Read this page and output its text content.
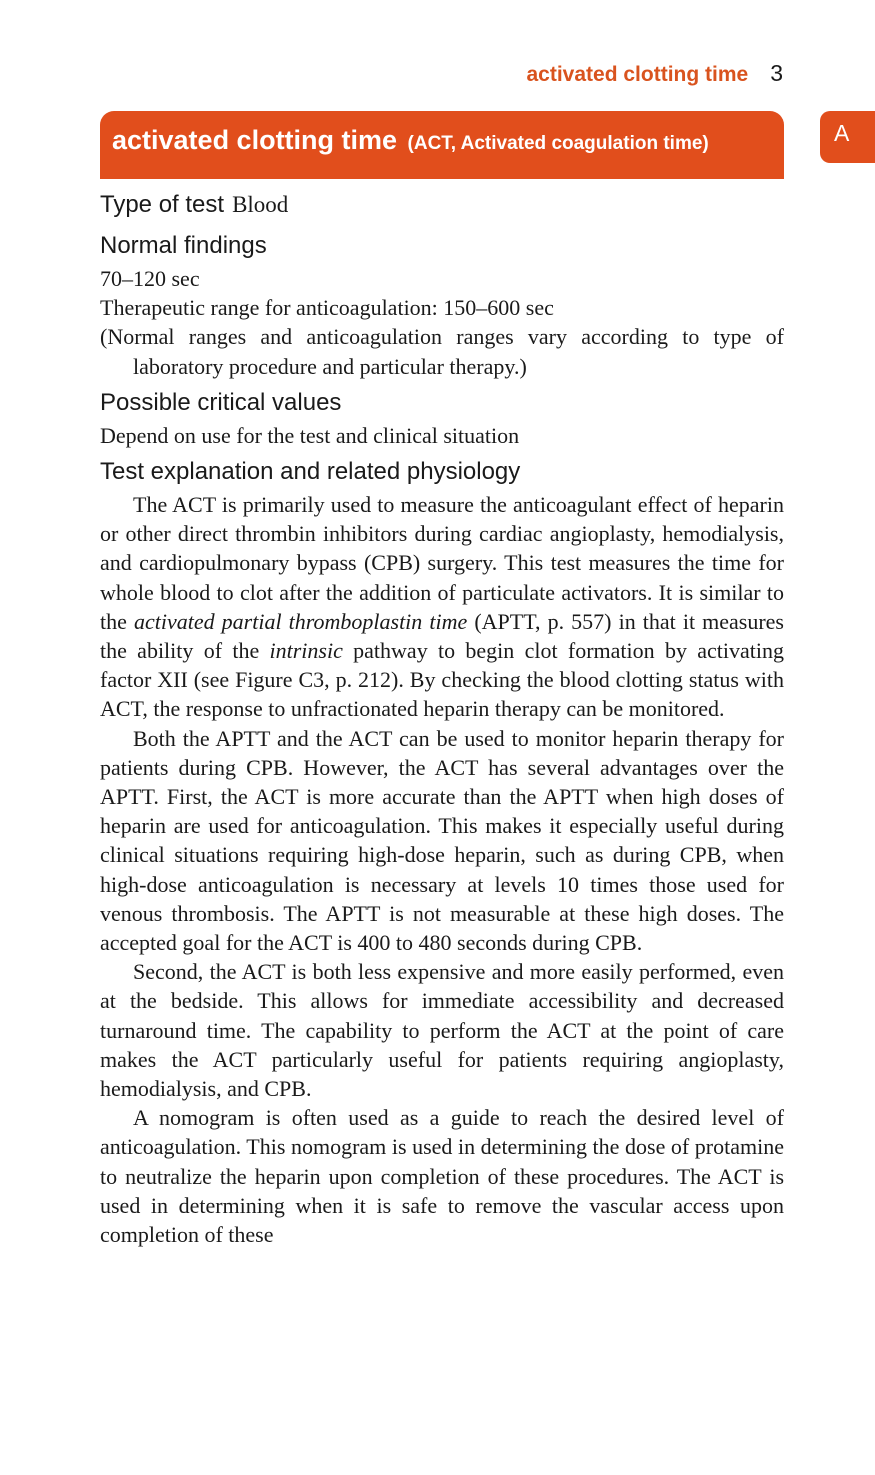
activated clotting time 3
activated clotting time (ACT, Activated coagulation time)	A
Type of test Blood
Normal findings

70–120 sec

Therapeutic range for anticoagulation: 150–600 sec

(Normal ranges and anticoagulation ranges vary according to type of laboratory procedure and particular therapy.)

Possible critical values

Depend on use for the test and clinical situation

Test explanation and related physiology

The ACT is primarily used to measure the anticoagulant effect of heparin or other direct thrombin inhibitors during cardiac angioplasty, hemodialysis, and cardiopulmonary bypass (CPB) surgery. This test measures the time for whole blood to clot after the addition of particulate activators. It is similar to the activated partial thromboplastin time (APTT, p. 557) in that it measures the ability of the intrinsic pathway to begin clot formation by activating factor XII (see Figure C3, p. 212). By checking the blood clotting status with ACT, the response to unfractionated heparin therapy can be monitored.

Both the APTT and the ACT can be used to monitor heparin therapy for patients during CPB. However, the ACT has several advantages over the APTT. First, the ACT is more accurate than the APTT when high doses of heparin are used for anticoagulation. This makes it especially useful during clinical situations requiring high-dose heparin, such as during CPB, when high-dose anticoagulation is necessary at levels 10 times those used for venous thrombosis. The APTT is not measurable at these high doses. The accepted goal for the ACT is 400 to 480 seconds during CPB.

Second, the ACT is both less expensive and more easily performed, even at the bedside. This allows for immediate accessibility and decreased turnaround time. The capability to perform the ACT at the point of care makes the ACT particularly useful for patients requiring angioplasty, hemodialysis, and CPB.

A nomogram is often used as a guide to reach the desired level of anticoagulation. This nomogram is used in determining the dose of protamine to neutralize the heparin upon completion of these procedures. The ACT is used in determining when it is safe to remove the vascular access upon completion of these
